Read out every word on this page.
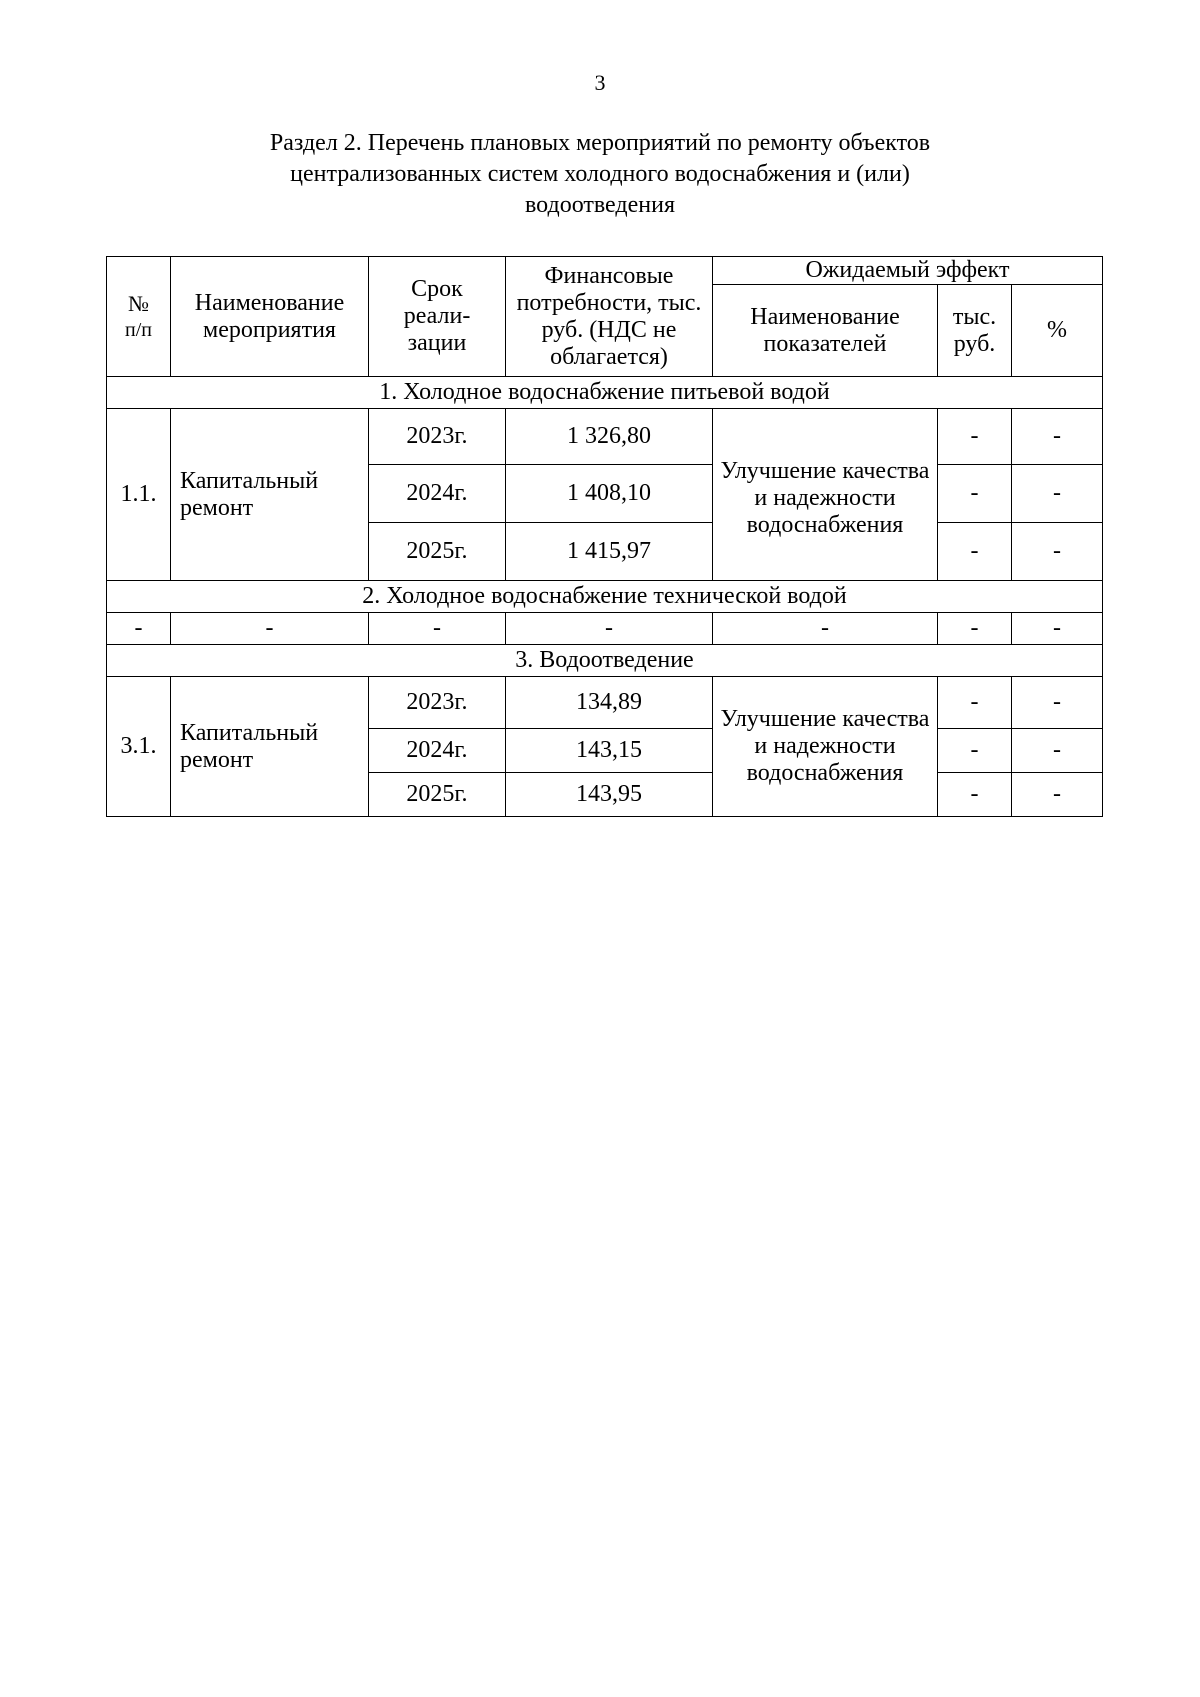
3
Раздел 2. Перечень плановых мероприятий по ремонту объектов
централизованных систем холодного водоснабжения и (или)
водоотведения
№
п/п	Наименование мероприятия	Срок реали-зации	Финансовые потребности, тыс. руб. (НДС не облагается)	Ожидаемый эффект		
				Наименование показателей	тыс. руб.	%
1. Холодное водоснабжение питьевой водой						
1.1.	Капитальный ремонт	2023г.	1 326,80	Улучшение качества и надежности водоснабжения	-	-
		2024г.	1 408,10		-	-
		2025г.	1 415,97		-	-
2. Холодное водоснабжение технической водой						
-	-	-	-	-	-	-
3. Водоотведение						
3.1.	Капитальный ремонт	2023г.	134,89	Улучшение качества и надежности водоснабжения	-	-
		2024г.	143,15		-	-
		2025г.	143,95		-	-
